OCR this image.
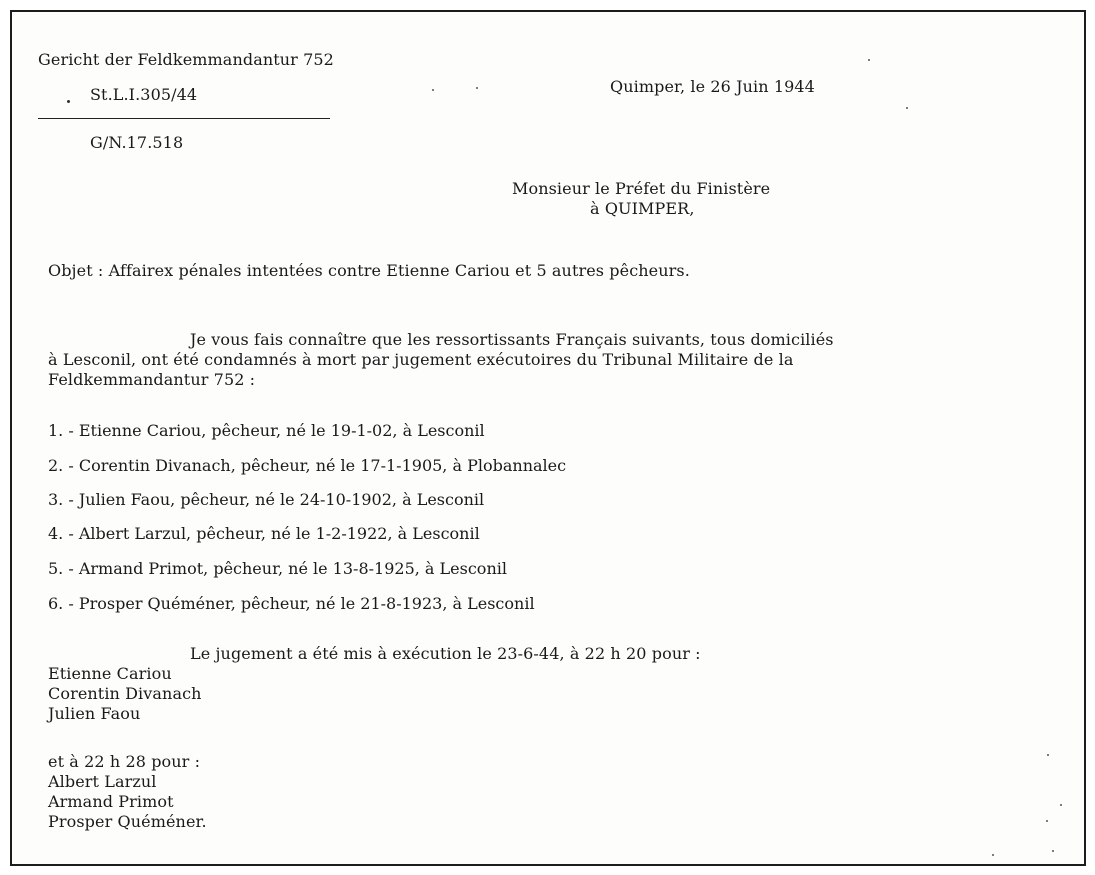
Gericht der Feldkemmandantur 752
St.L.I.305/44
G/N.17.518
Quimper, le 26 Juin 1944
Monsieur le Préfet du Finistère
à QUIMPER,
Objet : Affairex pénales intentées contre Etienne Cariou et 5 autres pêcheurs.
Je vous fais connaître que les ressortissants Français suivants, tous domiciliés
à Lesconil, ont été condamnés à mort par jugement exécutoires du Tribunal Militaire de la
Feldkemmandantur 752 :
1. - Etienne Cariou, pêcheur, né le 19-1-02, à Lesconil
2. - Corentin Divanach, pêcheur, né le 17-1-1905, à Plobannalec
3. - Julien Faou, pêcheur, né le 24-10-1902, à Lesconil
4. - Albert Larzul, pêcheur, né le 1-2-1922, à Lesconil
5. - Armand Primot, pêcheur, né le 13-8-1925, à Lesconil
6. - Prosper Quéméner, pêcheur, né le 21-8-1923, à Lesconil
Le jugement a été mis à exécution le 23-6-44, à 22 h 20 pour :
Etienne Cariou
Corentin Divanach
Julien Faou
et à 22 h 28 pour :
Albert Larzul
Armand Primot
Prosper Quéméner.
